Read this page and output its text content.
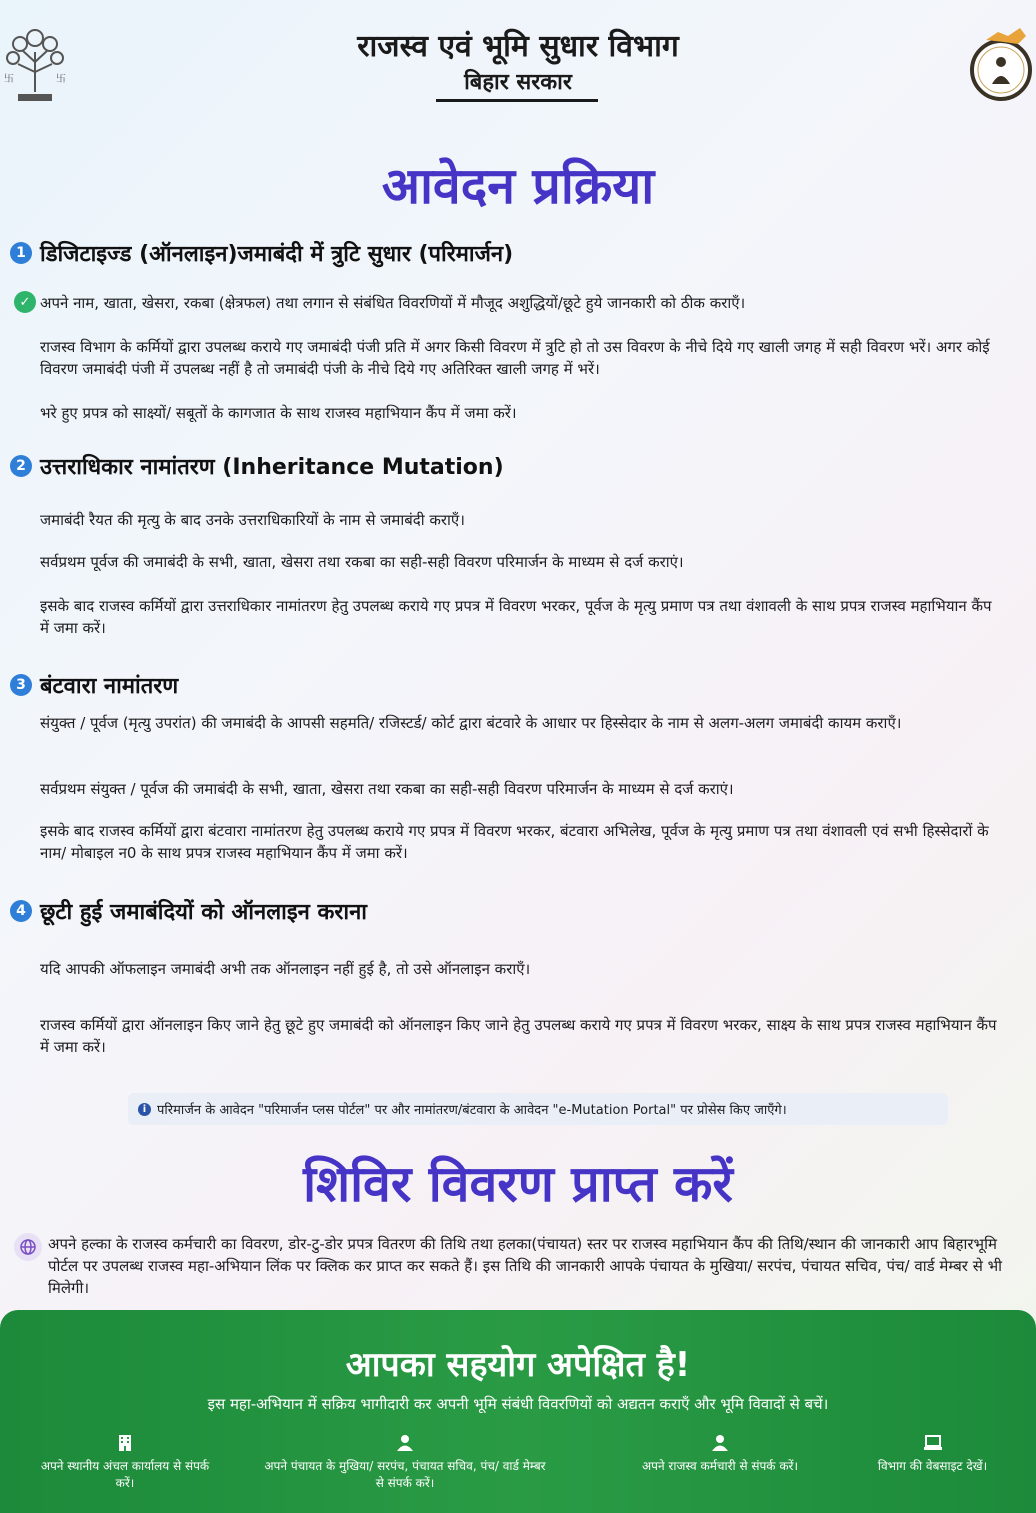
卐	卐
राजस्व एवं भूमि सुधार विभाग
बिहार सरकार
आवेदन प्रक्रिया
1 डिजिटाइज्ड (ऑनलाइन)जमाबंदी में त्रुटि सुधार (परिमार्जन)
✓ अपने नाम, खाता, खेसरा, रकबा (क्षेत्रफल) तथा लगान से संबंधित विवरणियों में मौजूद अशुद्धियों/छूटे हुये जानकारी को ठीक कराएँ।
राजस्व विभाग के कर्मियों द्वारा उपलब्ध कराये गए जमाबंदी पंजी प्रति में अगर किसी विवरण में त्रुटि हो तो उस विवरण के नीचे दिये गए खाली जगह में सही विवरण भरें। अगर कोई विवरण जमाबंदी पंजी में उपलब्ध नहीं है तो जमाबंदी पंजी के नीचे दिये गए अतिरिक्त खाली जगह में भरें।
भरे हुए प्रपत्र को साक्ष्यों/ सबूतों के कागजात के साथ राजस्व महाभियान कैंप में जमा करें।
2 उत्तराधिकार नामांतरण (Inheritance Mutation)
जमाबंदी रैयत की मृत्यु के बाद उनके उत्तराधिकारियों के नाम से जमाबंदी कराएँ।
सर्वप्रथम पूर्वज की जमाबंदी के सभी, खाता, खेसरा तथा रकबा का सही-सही विवरण परिमार्जन के माध्यम से दर्ज कराएं।
इसके बाद राजस्व कर्मियों द्वारा उत्तराधिकार नामांतरण हेतु उपलब्ध कराये गए प्रपत्र में विवरण भरकर, पूर्वज के मृत्यु प्रमाण पत्र तथा वंशावली के साथ प्रपत्र राजस्व महाभियान कैंप में जमा करें।
3 बंटवारा नामांतरण
संयुक्त / पूर्वज (मृत्यु उपरांत) की जमाबंदी के आपसी सहमति/ रजिस्टर्ड/ कोर्ट द्वारा बंटवारे के आधार पर हिस्सेदार के नाम से अलग-अलग जमाबंदी कायम कराएँ।
सर्वप्रथम संयुक्त / पूर्वज की जमाबंदी के सभी, खाता, खेसरा तथा रकबा का सही-सही विवरण परिमार्जन के माध्यम से दर्ज कराएं।
इसके बाद राजस्व कर्मियों द्वारा बंटवारा नामांतरण हेतु उपलब्ध कराये गए प्रपत्र में विवरण भरकर, बंटवारा अभिलेख, पूर्वज के मृत्यु प्रमाण पत्र तथा वंशावली एवं सभी हिस्सेदारों के नाम/ मोबाइल न0 के साथ प्रपत्र राजस्व महाभियान कैंप में जमा करें।
4 छूटी हुई जमाबंदियों को ऑनलाइन कराना
यदि आपकी ऑफलाइन जमाबंदी अभी तक ऑनलाइन नहीं हुई है, तो उसे ऑनलाइन कराएँ।
राजस्व कर्मियों द्वारा ऑनलाइन किए जाने हेतु छूटे हुए जमाबंदी को ऑनलाइन किए जाने हेतु उपलब्ध कराये गए प्रपत्र में विवरण भरकर, साक्ष्य के साथ प्रपत्र राजस्व महाभियान कैंप में जमा करें।
i परिमार्जन के आवेदन "परिमार्जन प्लस पोर्टल" पर और नामांतरण/बंटवारा के आवेदन "e-Mutation Portal" पर प्रोसेस किए जाएँगे।
शिविर विवरण प्राप्त करें
अपने हल्का के राजस्व कर्मचारी का विवरण, डोर-टु-डोर प्रपत्र वितरण की तिथि तथा हलका(पंचायत) स्तर पर राजस्व महाभियान कैंप की तिथि/स्थान की जानकारी आप बिहारभूमि पोर्टल पर उपलब्ध राजस्व महा-अभियान लिंक पर क्लिक कर प्राप्त कर सकते हैं। इस तिथि की जानकारी आपके पंचायत के मुखिया/ सरपंच, पंचायत सचिव, पंच/ वार्ड मेम्बर से भी मिलेगी।
आपका सहयोग अपेक्षित है!
इस महा-अभियान में सक्रिय भागीदारी कर अपनी भूमि संबंधी विवरणियों को अद्यतन कराएँ और भूमि विवादों से बचें।
अपने स्थानीय अंचल कार्यालय से संपर्क करें।
अपने पंचायत के मुखिया/ सरपंच, पंचायत सचिव, पंच/ वार्ड मेम्बर से संपर्क करें।
अपने राजस्व कर्मचारी से संपर्क करें।	विभाग की वेबसाइट देखें।
